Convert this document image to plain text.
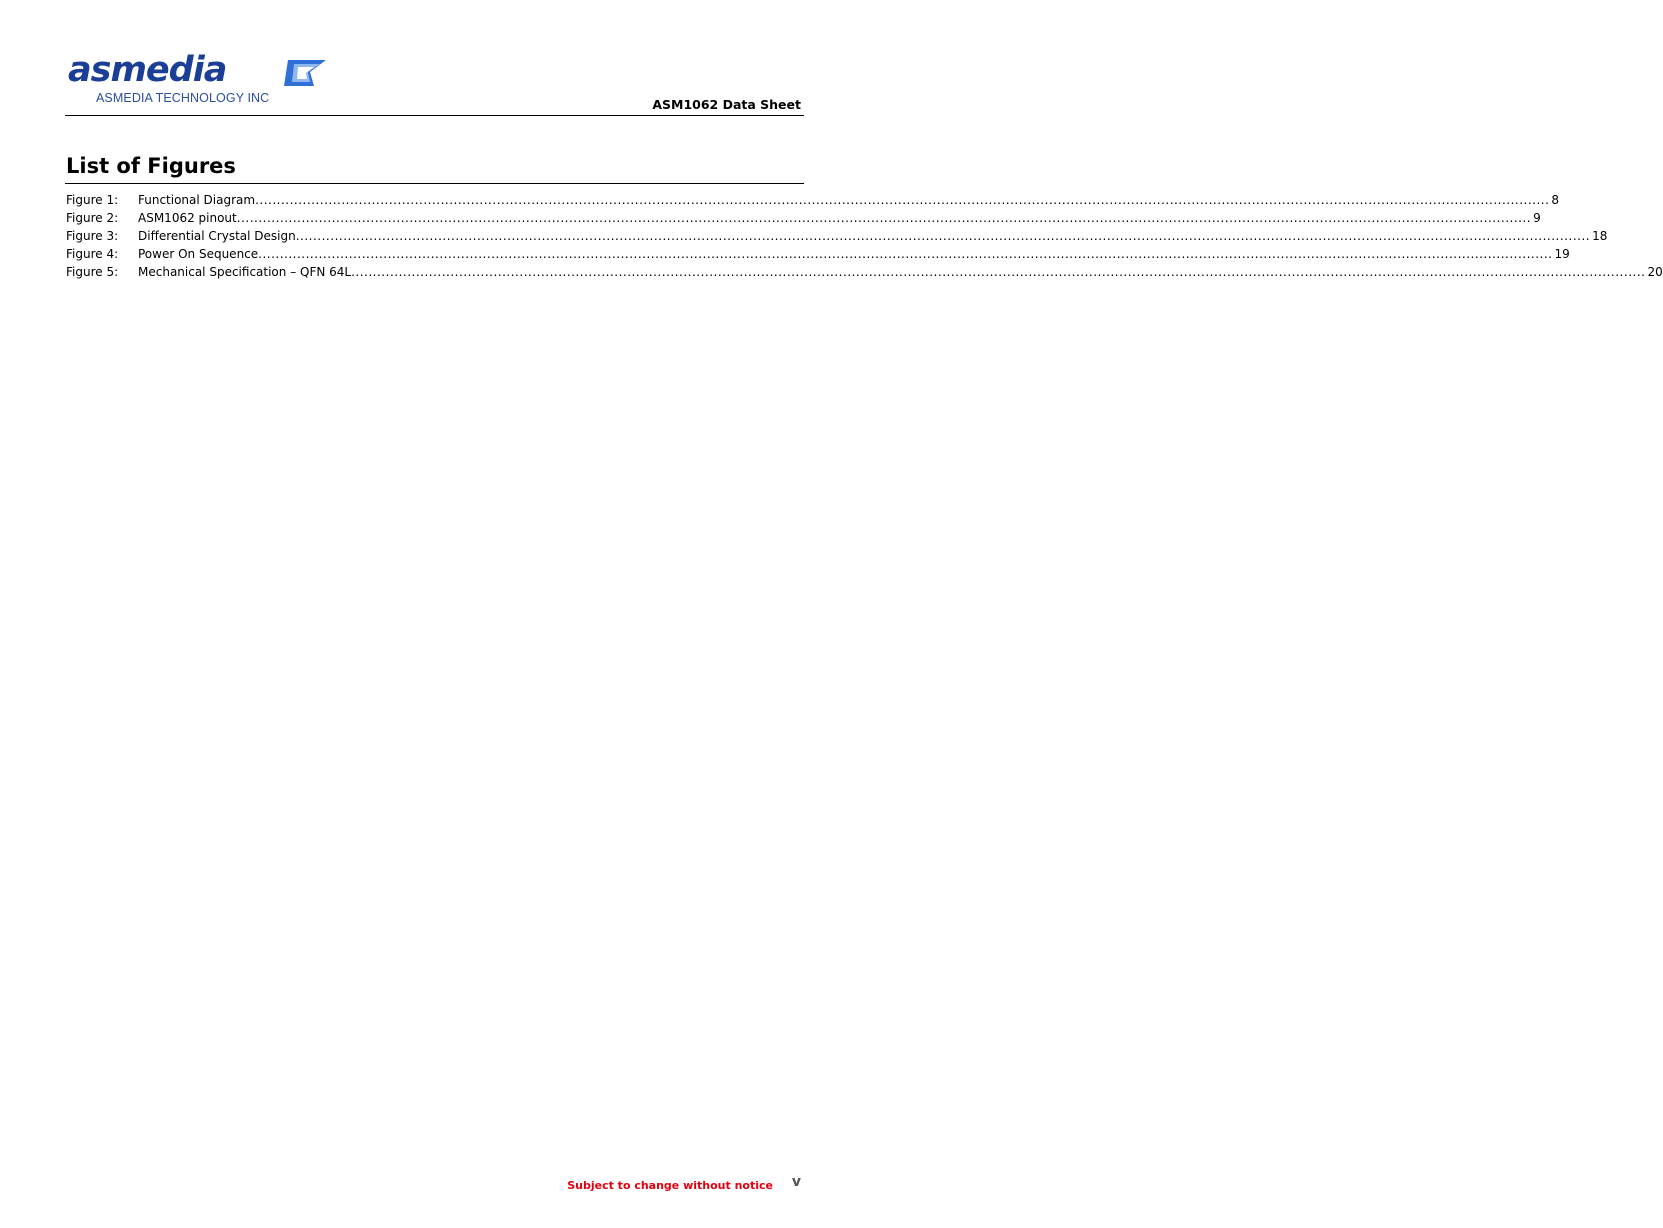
asmedia
ASMEDIA TECHNOLOGY INC	ASM1062 Data Sheet
List of Figures
Figure 1:	Functional Diagram ............................................................................................................................................................................................................................................................................................................ 8
Figure 2:	ASM1062 pinout ............................................................................................................................................................................................................................................................................................................ 9
Figure 3:	Differential Crystal Design ............................................................................................................................................................................................................................................................................................................ 18
Figure 4:	Power On Sequence ............................................................................................................................................................................................................................................................................................................ 19
Figure 5:	Mechanical Specification – QFN 64L ............................................................................................................................................................................................................................................................................................................ 20
Subject to change without notice v
